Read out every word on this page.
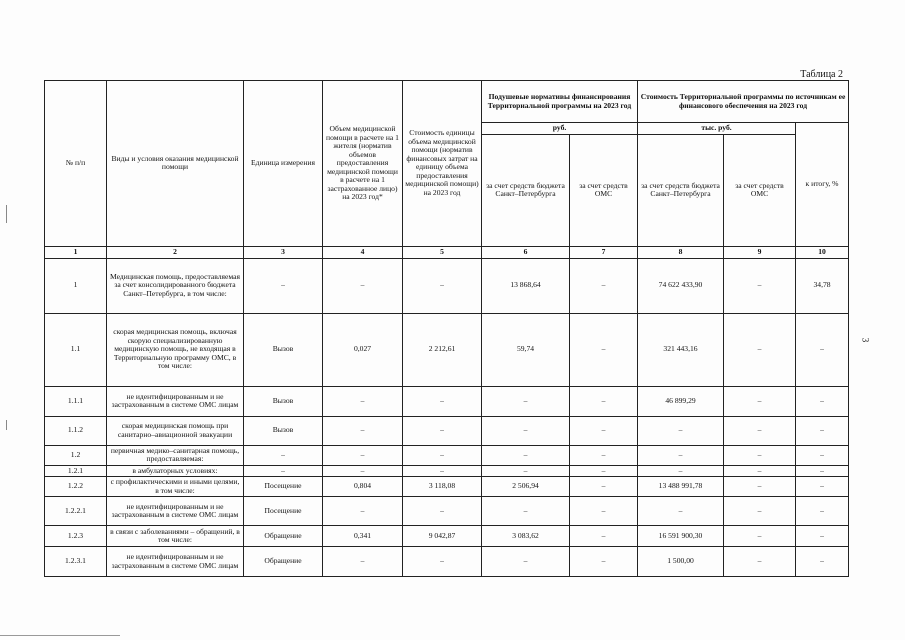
Таблица 2
3
№ п/п	Виды и условия оказания медицинской помощи	Единица измерения	Объем медицинской помощи в расчете на 1 жителя (норматив объемов предоставления медицинской помощи в расчете на 1 застрахованное лицо) на 2023 год*	Стоимость единицы объема медицинской помощи (норматив финансовых затрат на единицу объема предоставления медицинской помощи) на 2023 год	Подушевые нормативы финансирования Территориальной программы на 2023 год		Стоимость Территориальной программы по источникам ее финансового обеспечения на 2023 год		
					руб.		тыс. руб.		к итогу, %
					за счет средств бюджета Санкт–Петербурга	за счет средств ОМС	за счет средств бюджета Санкт–Петербурга	за счет средств ОМС	
1	2	3	4	5	6	7	8	9	10
1	Медицинская помощь, предоставляемая за счет консолидированного бюджета Санкт–Петербурга, в том числе:	–	–	–	13 868,64	–	74 622 433,90	–	34,78
1.1	скорая медицинская помощь, включая скорую специализированную медицинскую помощь, не входящая в Территориальную программу ОМС, в том числе:	Вызов	0,027	2 212,61	59,74	–	321 443,16	–	–
1.1.1	не идентифицированным и не застрахованным в системе ОМС лицам	Вызов	–	–	–	–	46 899,29	–	–
1.1.2	скорая медицинская помощь при санитарно–авиационной эвакуации	Вызов	–	–	–	–	–	–	–
1.2	первичная медико–санитарная помощь, предоставляемая:	–	–	–	–	–	–	–	–
1.2.1	в амбулаторных условиях:	–	–	–	–	–	–	–	–
1.2.2	с профилактическими и иными целями, в том числе:	Посещение	0,804	3 118,08	2 506,94	–	13 488 991,78	–	–
1.2.2.1	не идентифицированным и не застрахованным в системе ОМС лицам	Посещение	–	–	–	–	–	–	–
1.2.3	в связи с заболеваниями – обращений, в том числе:	Обращение	0,341	9 042,87	3 083,62	–	16 591 900,30	–	–
1.2.3.1	не идентифицированным и не застрахованным в системе ОМС лицам	Обращение	–	–	–	–	1 500,00	–	–
